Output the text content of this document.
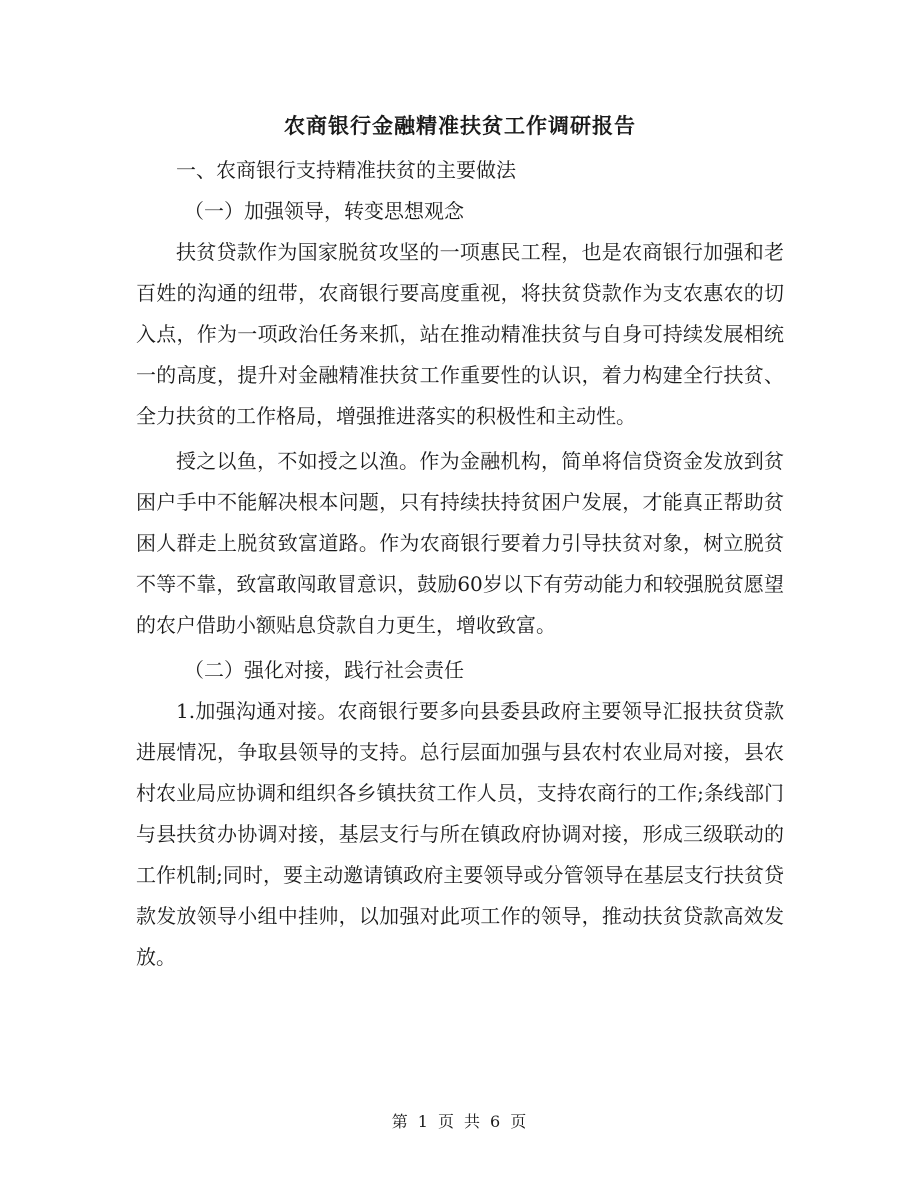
农商银行金融精准扶贫工作调研报告
一、农商银行支持精准扶贫的主要做法
（一）加强领导，转变思想观念

扶贫贷款作为国家脱贫攻坚的一项惠民工程，也是农商银行加强和老百姓的沟通的纽带，农商银行要高度重视，将扶贫贷款作为支农惠农的切入点，作为一项政治任务来抓，站在推动精准扶贫与自身可持续发展相统一的高度，提升对金融精准扶贫工作重要性的认识，着力构建全行扶贫、全力扶贫的工作格局，增强推进落实的积极性和主动性。

授之以鱼，不如授之以渔。作为金融机构，简单将信贷资金发放到贫困户手中不能解决根本问题，只有持续扶持贫困户发展，才能真正帮助贫困人群走上脱贫致富道路。作为农商银行要着力引导扶贫对象，树立脱贫不等不靠，致富敢闯敢冒意识，鼓励60岁以下有劳动能力和较强脱贫愿望的农户借助小额贴息贷款自力更生，增收致富。

（二）强化对接，践行社会责任

1.加强沟通对接。农商银行要多向县委县政府主要领导汇报扶贫贷款进展情况，争取县领导的支持。总行层面加强与县农村农业局对接，县农村农业局应协调和组织各乡镇扶贫工作人员，支持农商行的工作;条线部门与县扶贫办协调对接，基层支行与所在镇政府协调对接，形成三级联动的工作机制;同时，要主动邀请镇政府主要领导或分管领导在基层支行扶贫贷款发放领导小组中挂帅，以加强对此项工作的领导，推动扶贫贷款高效发放。

第 1 页 共 6 页
